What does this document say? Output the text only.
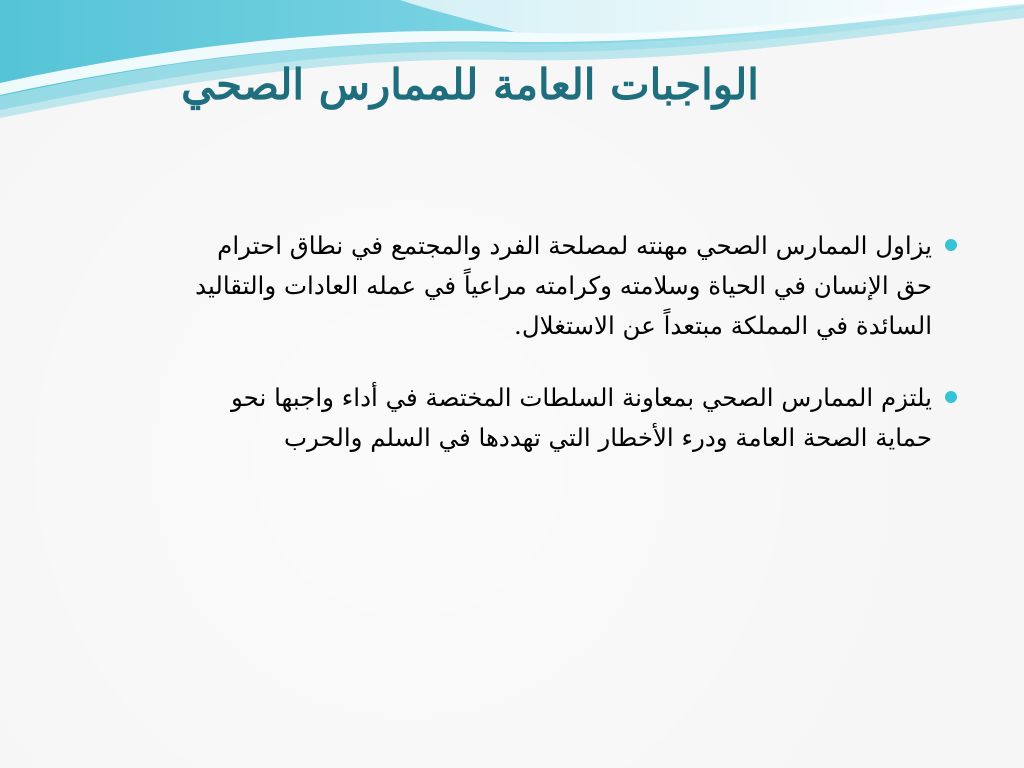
الواجبات العامة للممارس الصحي
يزاول الممارس الصحي مهنته لمصلحة الفرد والمجتمع في نطاق احترام
حق الإنسان في الحياة وسلامته وكرامته مراعياً في عمله العادات والتقاليد
السائدة في المملكة مبتعداً عن الاستغلال.
يلتزم الممارس الصحي بمعاونة السلطات المختصة في أداء واجبها نحو
حماية الصحة العامة ودرء الأخطار التي تهددها في السلم والحرب
